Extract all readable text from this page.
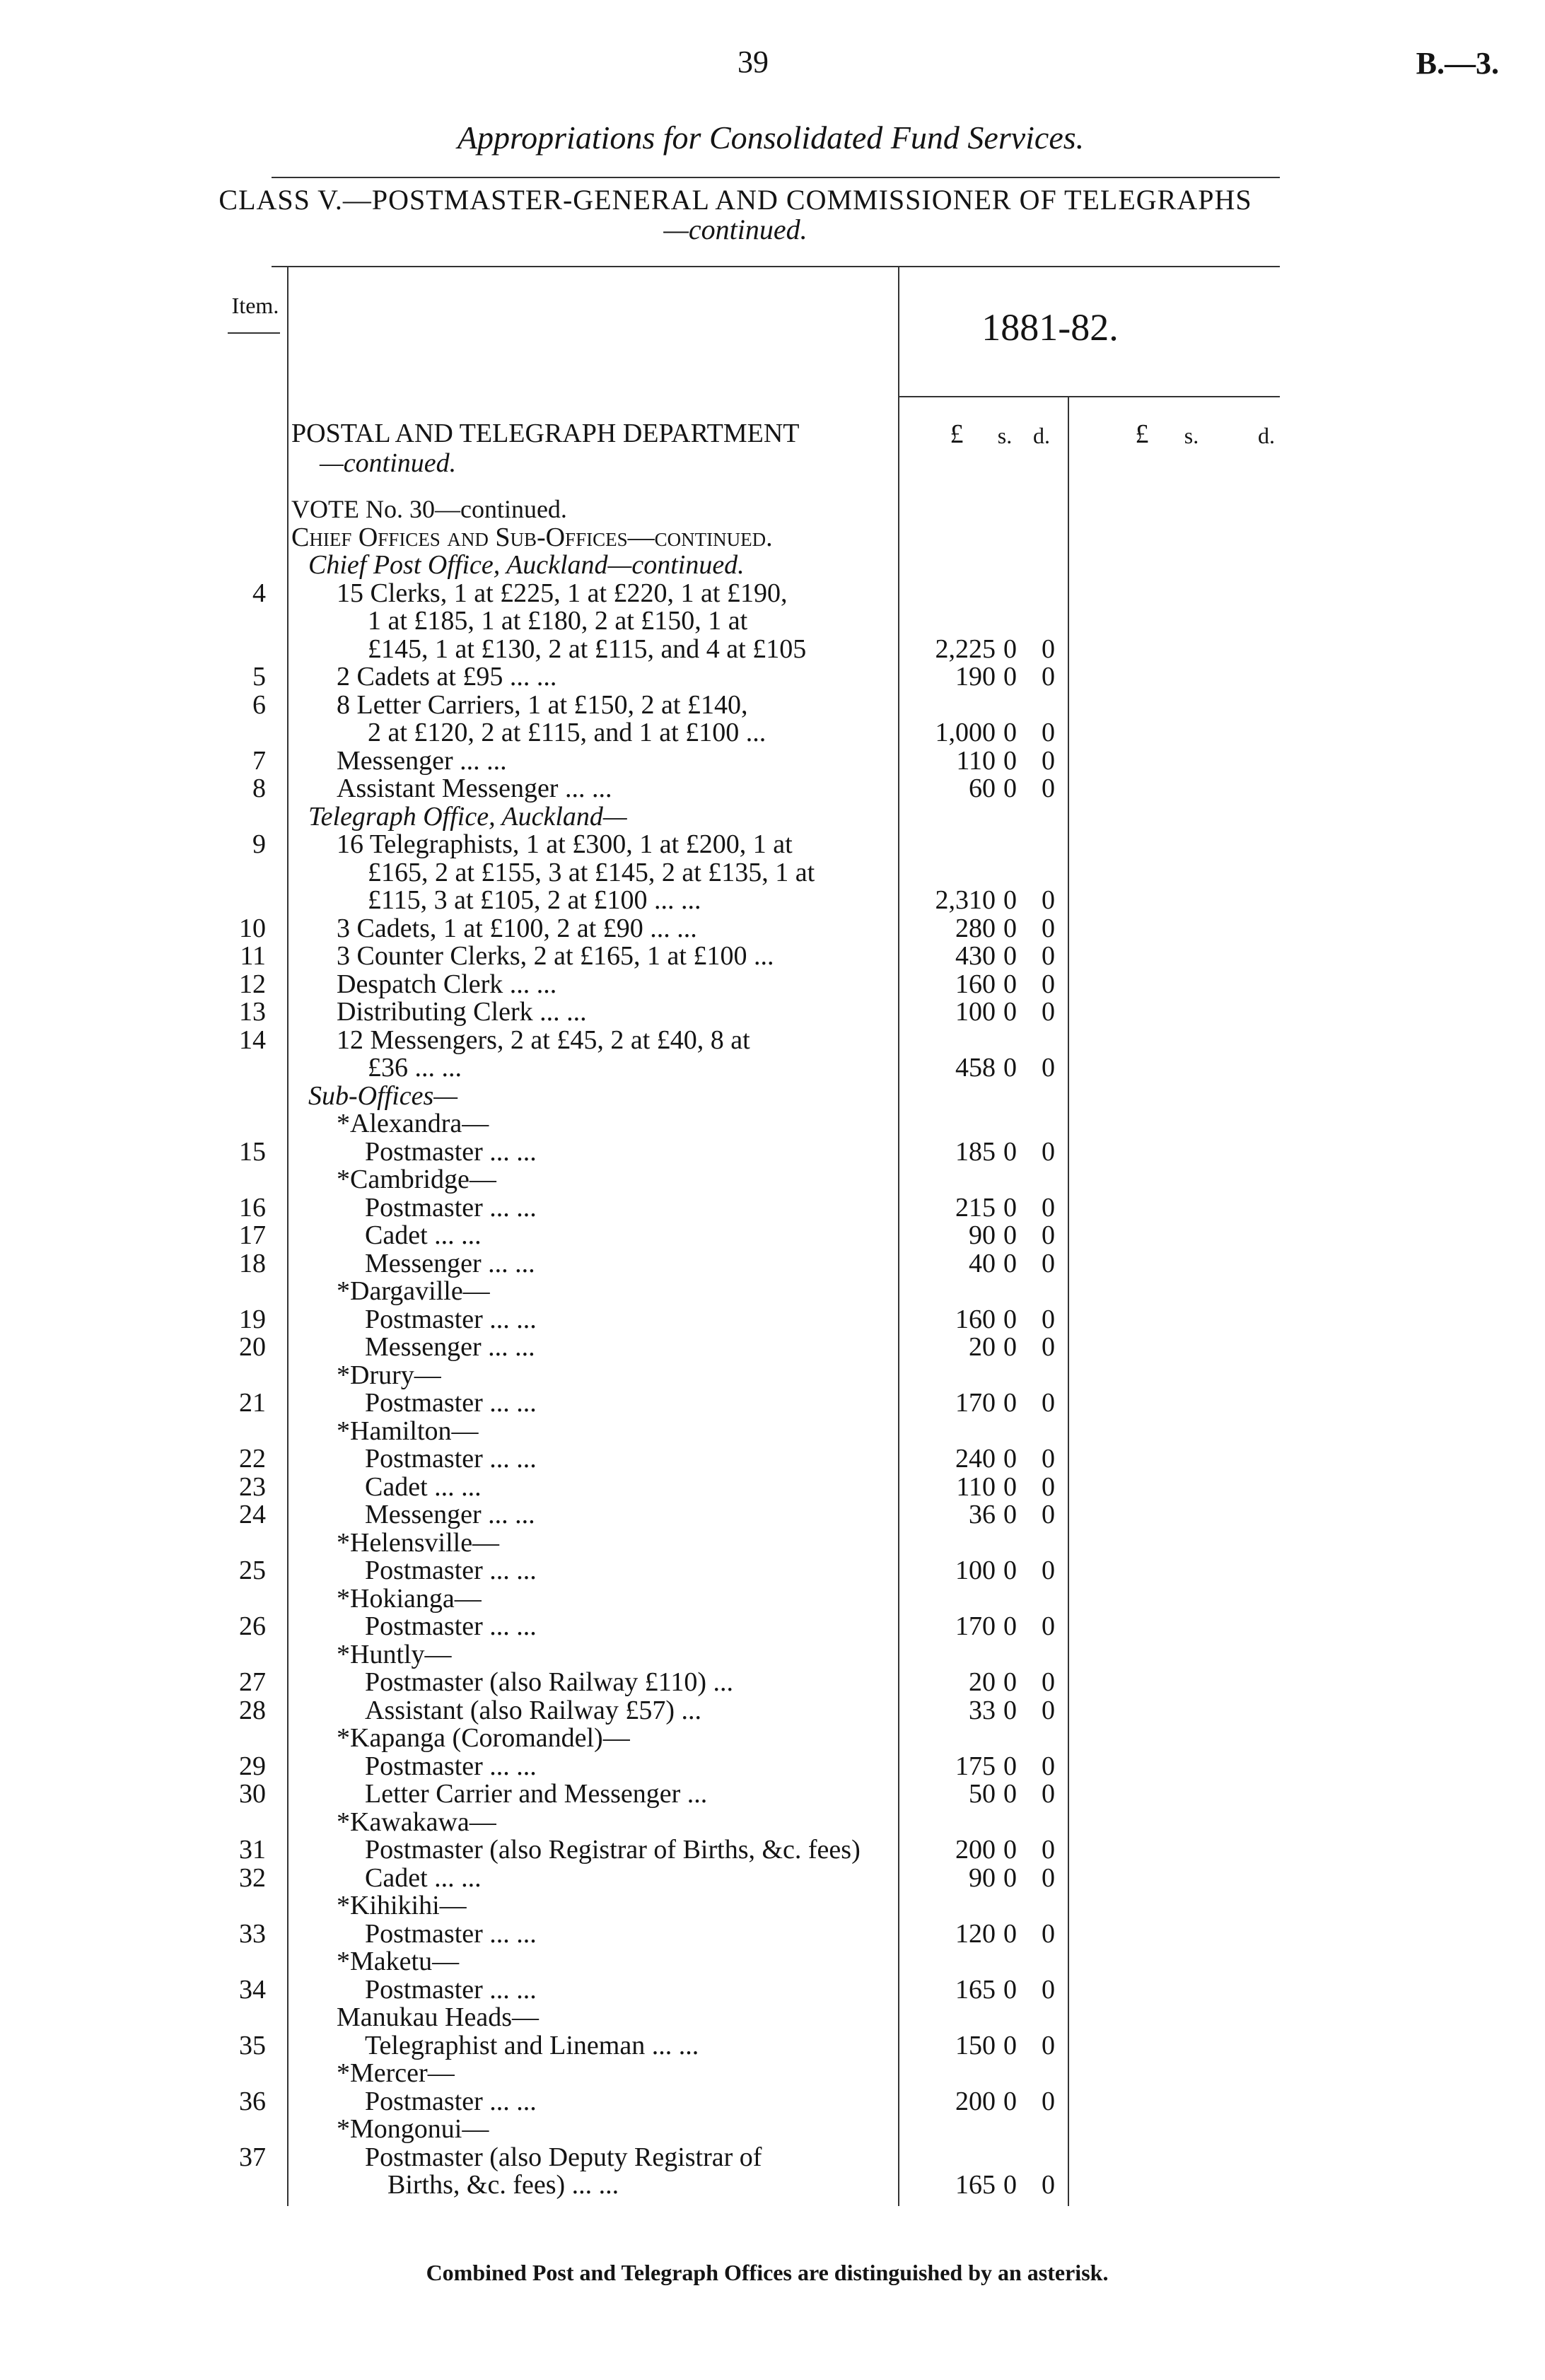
39	B.—3.
Appropriations for Consolidated Fund Services.
CLASS V.—POSTMASTER-GENERAL AND COMMISSIONER OF TELEGRAPHS—continued.
Item.
1881-82.
POSTAL AND TELEGRAPH DEPARTMENT
—continued.
£	s. d.	£	s.	d.
VOTE No. 30—continued.
Chief Offices and Sub-Offices—continued.
Chief Post Office, Auckland—continued.
4	15 Clerks, 1 at £225, 1 at £220, 1 at £190,
1 at £185, 1 at £180, 2 at £150, 1 at
£145, 1 at £130, 2 at £115, and 4 at £105	2,225 0 0
5	2 Cadets at £95 ... ...	190 0 0
6	8 Letter Carriers, 1 at £150, 2 at £140,
2 at £120, 2 at £115, and 1 at £100 ...	1,000 0 0
7	Messenger ... ...	110 0 0
8	Assistant Messenger ... ...	60 0 0
Telegraph Office, Auckland—
9	16 Telegraphists, 1 at £300, 1 at £200, 1 at
£165, 2 at £155, 3 at £145, 2 at £135, 1 at
£115, 3 at £105, 2 at £100 ... ...	2,310 0 0
10	3 Cadets, 1 at £100, 2 at £90 ... ...	280 0 0
11	3 Counter Clerks, 2 at £165, 1 at £100 ...	430 0 0
12	Despatch Clerk ... ...	160 0 0
13	Distributing Clerk ... ...	100 0 0
14	12 Messengers, 2 at £45, 2 at £40, 8 at
£36 ... ...	458 0 0
Sub-Offices—
*Alexandra—
15	Postmaster ... ...	185 0 0
*Cambridge—
16	Postmaster ... ...	215 0 0
17	Cadet ... ...	90 0 0
18	Messenger ... ...	40 0 0
*Dargaville—
19	Postmaster ... ...	160 0 0
20	Messenger ... ...	20 0 0
*Drury—
21	Postmaster ... ...	170 0 0
*Hamilton—
22	Postmaster ... ...	240 0 0
23	Cadet ... ...	110 0 0
24	Messenger ... ...	36 0 0
*Helensville—
25	Postmaster ... ...	100 0 0
*Hokianga—
26	Postmaster ... ...	170 0 0
*Huntly—
27	Postmaster (also Railway £110) ...	20 0 0
28	Assistant (also Railway £57) ...	33 0 0
*Kapanga (Coromandel)—
29	Postmaster ... ...	175 0 0
30	Letter Carrier and Messenger ...	50 0 0
*Kawakawa—
31	Postmaster (also Registrar of Births, &c. fees)	200 0 0
32	Cadet ... ...	90 0 0
*Kihikihi—
33	Postmaster ... ...	120 0 0
*Maketu—
34	Postmaster ... ...	165 0 0
Manukau Heads—
35	Telegraphist and Lineman ... ...	150 0 0
*Mercer—
36	Postmaster ... ...	200 0 0
*Mongonui—
37	Postmaster (also Deputy Registrar of
Births, &c. fees) ... ...	165 0 0
Combined Post and Telegraph Offices are distinguished by an asterisk.
